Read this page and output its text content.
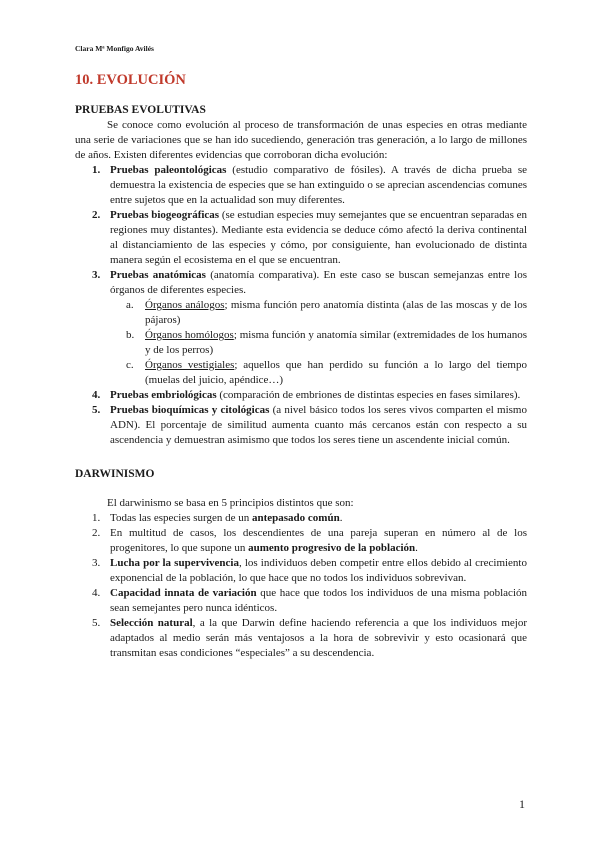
Clara Mª Monfigo Avilés
10. EVOLUCIÓN
PRUEBAS EVOLUTIVAS

Se conoce como evolución al proceso de transformación de unas especies en otras mediante una serie de variaciones que se han ido sucediendo, generación tras generación, a lo largo de millones de años. Existen diferentes evidencias que corroboran dicha evolución:

1. Pruebas paleontológicas (estudio comparativo de fósiles). A través de dicha prueba se demuestra la existencia de especies que se han extinguido o se aprecian ascendencias comunes entre sujetos que en la actualidad son muy diferentes.
2. Pruebas biogeográficas (se estudian especies muy semejantes que se encuentran separadas en regiones muy distantes). Mediante esta evidencia se deduce cómo afectó la deriva continental al distanciamiento de las especies y cómo, por consiguiente, han evolucionado de distinta manera según el ecosistema en el que se encuentran.
3. Pruebas anatómicas (anatomía comparativa). En este caso se buscan semejanzas entre los órganos de diferentes especies.
a. Órganos análogos; misma función pero anatomía distinta (alas de las moscas y de los pájaros)
b. Órganos homólogos; misma función y anatomía similar (extremidades de los humanos y de los perros)
c. Órganos vestigiales; aquellos que han perdido su función a lo largo del tiempo (muelas del juicio, apéndice…)
4. Pruebas embriológicas (comparación de embriones de distintas especies en fases similares).
5. Pruebas bioquímicas y citológicas (a nivel básico todos los seres vivos comparten el mismo ADN). El porcentaje de similitud aumenta cuanto más cercanos están con respecto a su ascendencia y demuestran asimismo que todos los seres tiene un ascendente inicial común.
DARWINISMO

El darwinismo se basa en 5 principios distintos que son:

1. Todas las especies surgen de un antepasado común.
2. En multitud de casos, los descendientes de una pareja superan en número al de los progenitores, lo que supone un aumento progresivo de la población.
3. Lucha por la supervivencia, los individuos deben competir entre ellos debido al crecimiento exponencial de la población, lo que hace que no todos los individuos sobrevivan.
4. Capacidad innata de variación que hace que todos los individuos de una misma población sean semejantes pero nunca idénticos.
5. Selección natural, a la que Darwin define haciendo referencia a que los individuos mejor adaptados al medio serán más ventajosos a la hora de sobrevivir y esto ocasionará que transmitan esas condiciones “especiales” a su descendencia.
1
